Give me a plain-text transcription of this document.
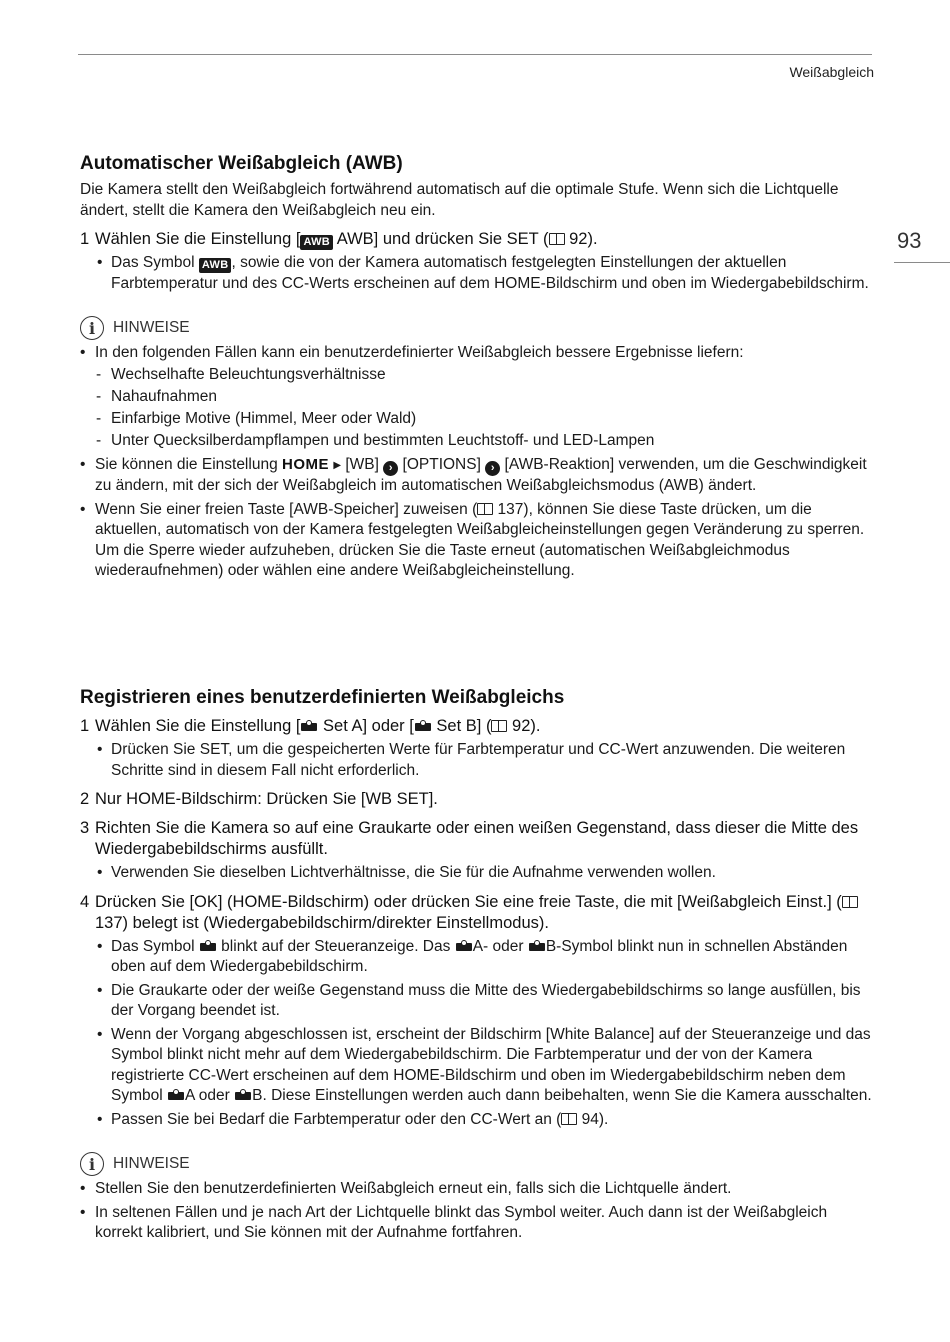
Weißabgleich
93
Automatischer Weißabgleich (AWB)

Die Kamera stellt den Weißabgleich fortwährend automatisch auf die optimale Stufe. Wenn sich die Lichtquelle ändert, stellt die Kamera den Weißabgleich neu ein.

1 Wählen Sie die Einstellung [ AWB AWB] und drücken Sie SET ( 92).
• Das Symbol AWB , sowie die von der Kamera automatisch festgelegten Einstellungen der aktuellen Farbtemperatur und des CC-Werts erscheinen auf dem HOME-Bildschirm und oben im Wiedergabebildschirm.
i	HINWEISE
• In den folgenden Fällen kann ein benutzerdefinierter Weißabgleich bessere Ergebnisse liefern:
- Wechselhafte Beleuchtungsverhältnisse
- Nahaufnahmen
- Einfarbige Motive (Himmel, Meer oder Wald)
- Unter Quecksilberdampflampen und bestimmten Leuchtstoff- und LED-Lampen
• Sie können die Einstellung HOME ▶ [WB] › [OPTIONS] › [AWB-Reaktion] verwenden, um die Geschwindigkeit zu ändern, mit der sich der Weißabgleich im automatischen Weißabgleichsmodus (AWB) ändert.
• Wenn Sie einer freien Taste [AWB-Speicher] zuweisen ( 137), können Sie diese Taste drücken, um die aktuellen, automatisch von der Kamera festgelegten Weißabgleicheinstellungen gegen Veränderung zu sperren. Um die Sperre wieder aufzuheben, drücken Sie die Taste erneut (automatischen Weißabgleichmodus wiederaufnehmen) oder wählen eine andere Weißabgleicheinstellung.
Registrieren eines benutzerdefinierten Weißabgleichs
1 Wählen Sie die Einstellung [ Set A] oder [ Set B] ( 92).
• Drücken Sie SET, um die gespeicherten Werte für Farbtemperatur und CC-Wert anzuwenden. Die weiteren Schritte sind in diesem Fall nicht erforderlich.
2 Nur HOME-Bildschirm: Drücken Sie [WB SET].
3 Richten Sie die Kamera so auf eine Graukarte oder einen weißen Gegenstand, dass dieser die Mitte des Wiedergabebildschirms ausfüllt.
• Verwenden Sie dieselben Lichtverhältnisse, die Sie für die Aufnahme verwenden wollen.
4 Drücken Sie [OK] (HOME-Bildschirm) oder drücken Sie eine freie Taste, die mit [Weißabgleich Einst.] ( 137) belegt ist (Wiedergabebildschirm/direkter Einstellmodus).
• Das Symbol  blinkt auf der Steueranzeige. Das A- oder B-Symbol blinkt nun in schnellen Abständen oben auf dem Wiedergabebildschirm.
• Die Graukarte oder der weiße Gegenstand muss die Mitte des Wiedergabebildschirms so lange ausfüllen, bis der Vorgang beendet ist.
• Wenn der Vorgang abgeschlossen ist, erscheint der Bildschirm [White Balance] auf der Steueranzeige und das Symbol blinkt nicht mehr auf dem Wiedergabebildschirm. Die Farbtemperatur und der von der Kamera registrierte CC-Wert erscheinen auf dem HOME-Bildschirm und oben im Wiedergabebildschirm neben dem Symbol A oder B. Diese Einstellungen werden auch dann beibehalten, wenn Sie die Kamera ausschalten.
• Passen Sie bei Bedarf die Farbtemperatur oder den CC-Wert an ( 94).
i	HINWEISE
• Stellen Sie den benutzerdefinierten Weißabgleich erneut ein, falls sich die Lichtquelle ändert.
• In seltenen Fällen und je nach Art der Lichtquelle blinkt das Symbol weiter. Auch dann ist der Weißabgleich korrekt kalibriert, und Sie können mit der Aufnahme fortfahren.
